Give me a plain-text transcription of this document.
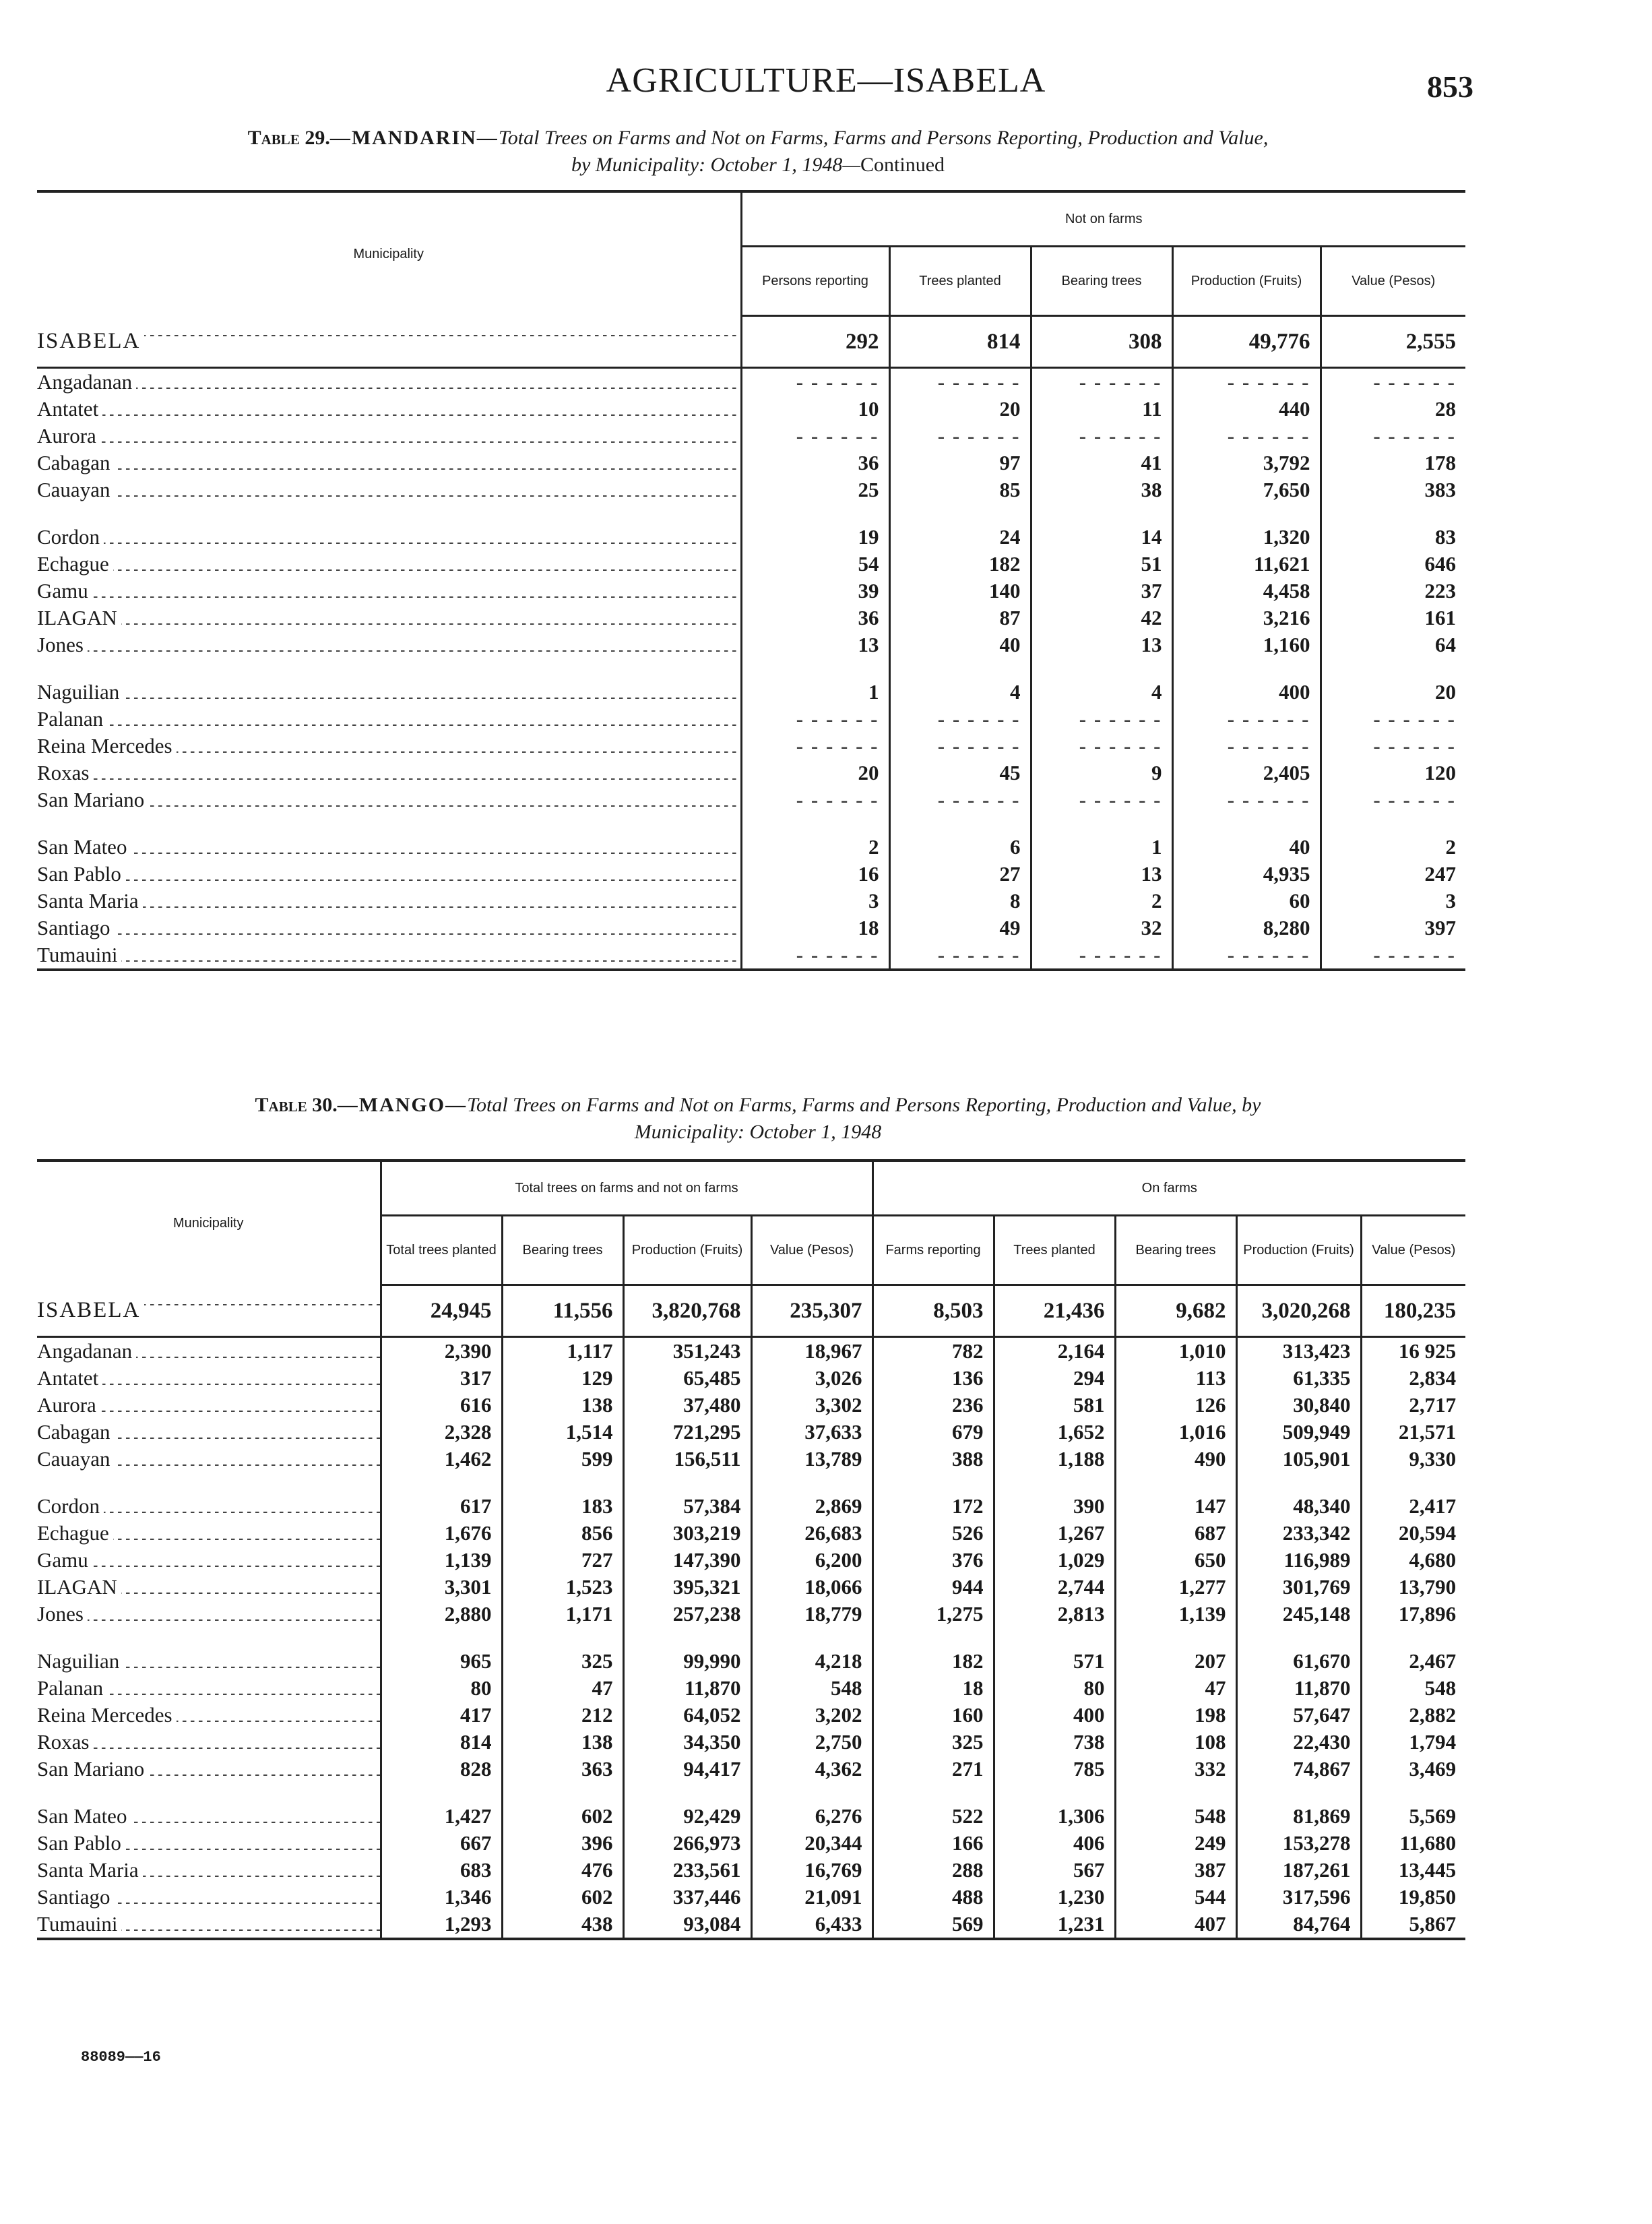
AGRICULTURE—ISABELA	853
Table 29.—MANDARIN—Total Trees on Farms and Not on Farms, Farms and Persons Reporting, Production and Value,
by Municipality: October 1, 1948—Continued
Municipality	Not on farms				
	Persons reporting	Trees planted	Bearing trees	Production (Fruits)	Value (Pesos)
ISABELA	292	814	308	49,776	2,555
Angadanan	- - - - - -	- - - - - -	- - - - - -	- - - - - -	- - - - - -
Antatet	10	20	11	440	28
Aurora	- - - - - -	- - - - - -	- - - - - -	- - - - - -	- - - - - -
Cabagan	36	97	41	3,792	178
Cauayan	25	85	38	7,650	383

Cordon	19	24	14	1,320	83
Echague	54	182	51	11,621	646
Gamu	39	140	37	4,458	223
ILAGAN	36	87	42	3,216	161
Jones	13	40	13	1,160	64

Naguilian	1	4	4	400	20
Palanan	- - - - - -	- - - - - -	- - - - - -	- - - - - -	- - - - - -
Reina Mercedes	- - - - - -	- - - - - -	- - - - - -	- - - - - -	- - - - - -
Roxas	20	45	9	2,405	120
San Mariano	- - - - - -	- - - - - -	- - - - - -	- - - - - -	- - - - - -

San Mateo	2	6	1	40	2
San Pablo	16	27	13	4,935	247
Santa Maria	3	8	2	60	3
Santiago	18	49	32	8,280	397
Tumauini	- - - - - -	- - - - - -	- - - - - -	- - - - - -	- - - - - -
Table 30.—MANGO—Total Trees on Farms and Not on Farms, Farms and Persons Reporting, Production and Value, by
Municipality: October 1, 1948
Municipality	Total trees on farms and not on farms				On farms				
	Total trees planted	Bearing trees	Production (Fruits)	Value (Pesos)	Farms reporting	Trees planted	Bearing trees	Production (Fruits)	Value (Pesos)
ISABELA	24,945	11,556	3,820,768	235,307	8,503	21,436	9,682	3,020,268	180,235
Angadanan	2,390	1,117	351,243	18,967	782	2,164	1,010	313,423	16 925
Antatet	317	129	65,485	3,026	136	294	113	61,335	2,834
Aurora	616	138	37,480	3,302	236	581	126	30,840	2,717
Cabagan	2,328	1,514	721,295	37,633	679	1,652	1,016	509,949	21,571
Cauayan	1,462	599	156,511	13,789	388	1,188	490	105,901	9,330

Cordon	617	183	57,384	2,869	172	390	147	48,340	2,417
Echague	1,676	856	303,219	26,683	526	1,267	687	233,342	20,594
Gamu	1,139	727	147,390	6,200	376	1,029	650	116,989	4,680
ILAGAN	3,301	1,523	395,321	18,066	944	2,744	1,277	301,769	13,790
Jones	2,880	1,171	257,238	18,779	1,275	2,813	1,139	245,148	17,896

Naguilian	965	325	99,990	4,218	182	571	207	61,670	2,467
Palanan	80	47	11,870	548	18	80	47	11,870	548
Reina Mercedes	417	212	64,052	3,202	160	400	198	57,647	2,882
Roxas	814	138	34,350	2,750	325	738	108	22,430	1,794
San Mariano	828	363	94,417	4,362	271	785	332	74,867	3,469

San Mateo	1,427	602	92,429	6,276	522	1,306	548	81,869	5,569
San Pablo	667	396	266,973	20,344	166	406	249	153,278	11,680
Santa Maria	683	476	233,561	16,769	288	567	387	187,261	13,445
Santiago	1,346	602	337,446	21,091	488	1,230	544	317,596	19,850
Tumauini	1,293	438	93,084	6,433	569	1,231	407	84,764	5,867
88089——16
